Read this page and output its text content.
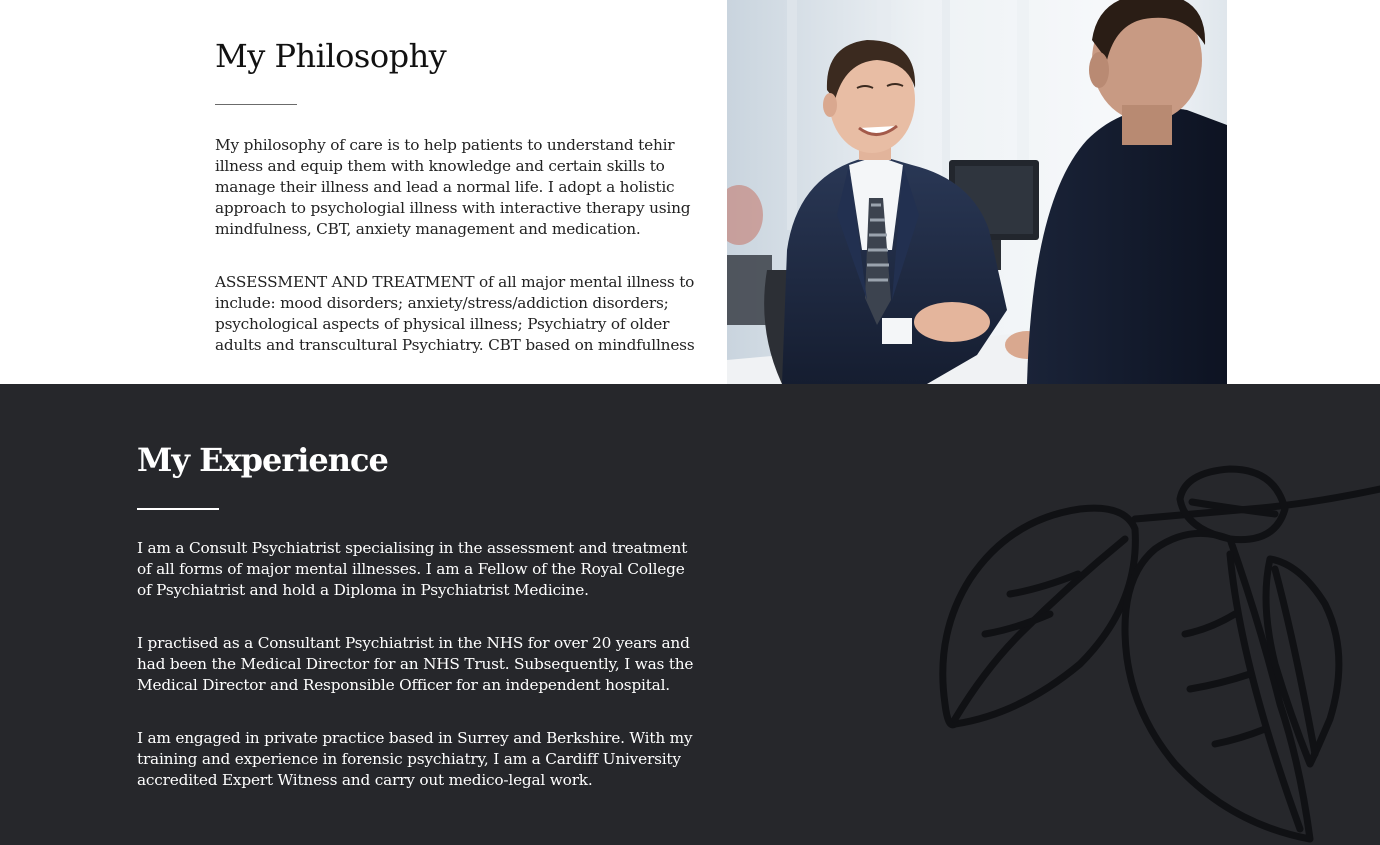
My Philosophy

My philosophy of care is to help patients to understand tehir illness and equip them with knowledge and certain skills to manage their illness and lead a normal life. I adopt a holistic approach to psychologial illness with interactive therapy using mindfulness, CBT, anxiety management and medication.

ASSESSMENT AND TREATMENT of all major mental illness to include: mood disorders; anxiety/stress/addiction disorders; psychological aspects of physical illness; Psychiatry of older adults and transcultural Psychiatry. CBT based on mindfullness

My Experience

I am a Consult Psychiatrist specialising in the assessment and treatment of all forms of major mental illnesses. I am a Fellow of the Royal College of Psychiatrist and hold a Diploma in Psychiatrist Medicine.

I practised as a Consultant Psychiatrist in the NHS for over 20 years and had been the Medical Director for an NHS Trust. Subsequently, I was the Medical Director and Responsible Officer for an independent hospital.

I am engaged in private practice based in Surrey and Berkshire. With my training and experience in forensic psychiatry, I am a Cardiff University accredited Expert Witness and carry out medico-legal work.
